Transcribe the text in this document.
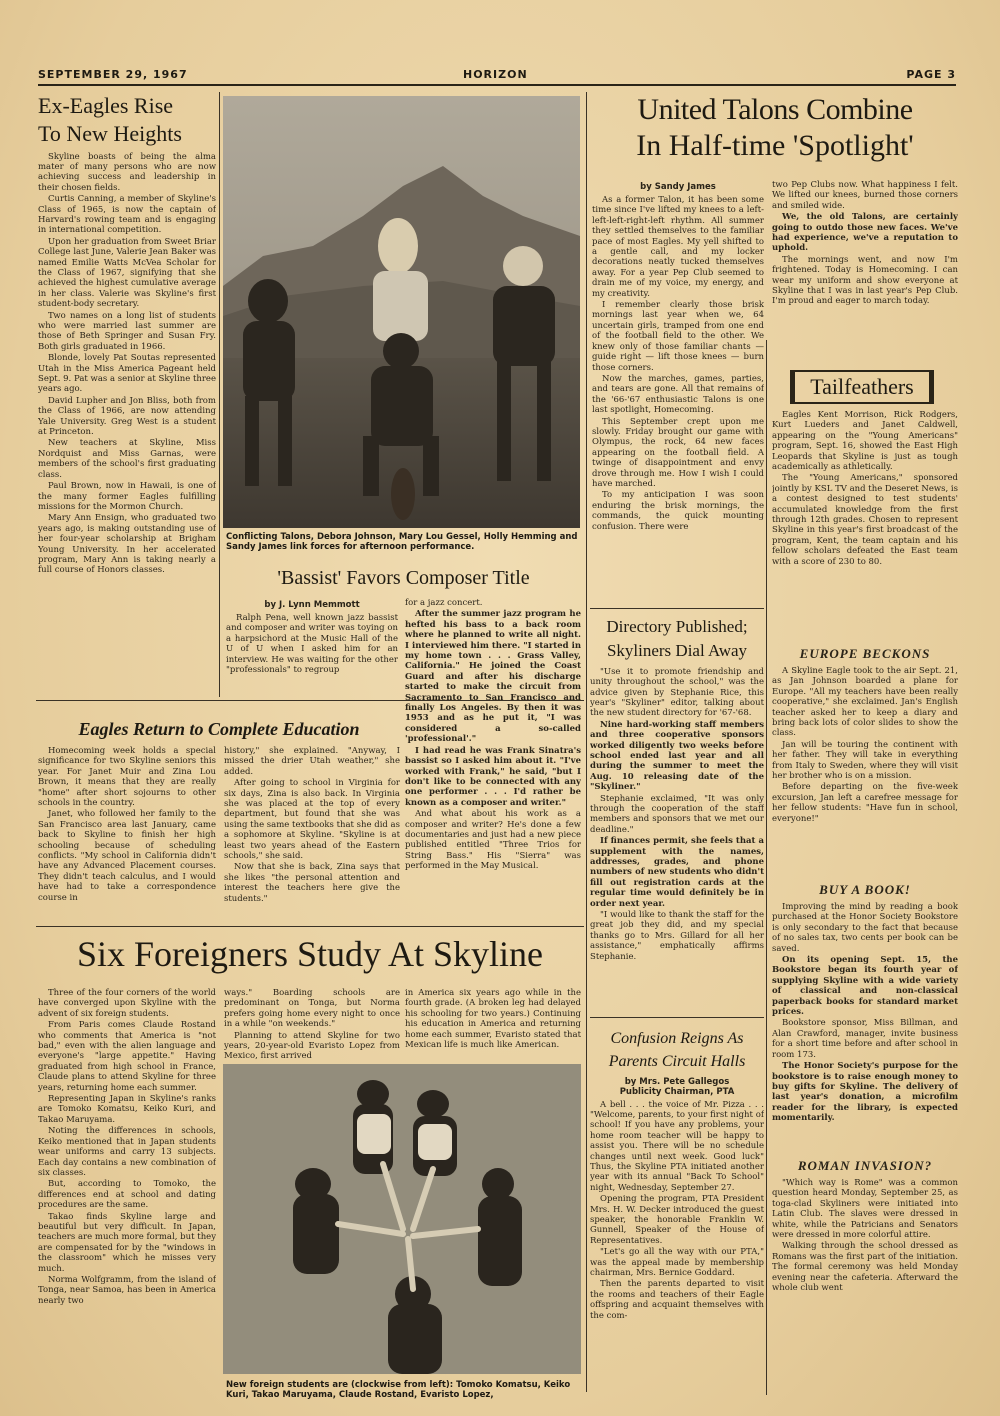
SEPTEMBER 29, 1967	HORIZON	PAGE 3
Ex-Eagles Rise
To New Heights

Skyline boasts of being the alma mater of many persons who are now achieving success and leadership in their chosen fields.

Curtis Canning, a member of Skyline's Class of 1965, is now the captain of Harvard's rowing team and is engaging in international competition.

Upon her graduation from Sweet Briar College last June, Valerie Jean Baker was named Emilie Watts McVea Scholar for the Class of 1967, signifying that she achieved the highest cumulative average in her class. Valerie was Skyline's first student-body secretary.

Two names on a long list of students who were married last summer are those of Beth Springer and Susan Fry. Both girls graduated in 1966.

Blonde, lovely Pat Soutas represented Utah in the Miss America Pageant held Sept. 9. Pat was a senior at Skyline three years ago.

David Lupher and Jon Bliss, both from the Class of 1966, are now attending Yale University. Greg West is a student at Princeton.

New teachers at Skyline, Miss Nordquist and Miss Garnas, were members of the school's first graduating class.

Paul Brown, now in Hawaii, is one of the many former Eagles fulfilling missions for the Mormon Church.

Mary Ann Ensign, who graduated two years ago, is making outstanding use of her four-year scholarship at Brigham Young University. In her accelerated program, Mary Ann is taking nearly a full course of Honors classes.

Conflicting Talons, Debora Johnson, Mary Lou Gessel, Holly Hemming and Sandy James link forces for afternoon performance.
'Bassist' Favors Composer Title
by J. Lynn Memmott

Ralph Pena, well known jazz bassist and composer and writer was toying on a harpsichord at the Music Hall of the U of U when I asked him for an interview. He was waiting for the other "professionals" to regroup

for a jazz concert.

After the summer jazz program he hefted his bass to a back room where he planned to write all night. I interviewed him there. "I started in my home town . . . Grass Valley, California." He joined the Coast Guard and after his discharge started to make the circuit from Sacramento to San Francisco and finally Los Angeles. By then it was 1953 and as he put it, "I was considered a so-called 'professional'."

I had read he was Frank Sinatra's bassist so I asked him about it. "I've worked with Frank," he said, "but I don't like to be connected with any one performer . . . I'd rather be known as a composer and writer."

And what about his work as a composer and writer? He's done a few documentaries and just had a new piece published entitled "Three Trios for String Bass." His "Sierra" was performed in the May Musical.

Eagles Return to Complete Education

Homecoming week holds a special significance for two Skyline seniors this year. For Janet Muir and Zina Lou Brown, it means that they are really "home" after short sojourns to other schools in the country.

Janet, who followed her family to the San Francisco area last January, came back to Skyline to finish her high schooling because of scheduling conflicts. "My school in California didn't have any Advanced Placement courses. They didn't teach calculus, and I would have had to take a correspondence course in

history," she explained. "Anyway, I missed the drier Utah weather," she added.

After going to school in Virginia for six days, Zina is also back. In Virginia she was placed at the top of every department, but found that she was using the same textbooks that she did as a sophomore at Skyline. "Skyline is at least two years ahead of the Eastern schools," she said.

Now that she is back, Zina says that she likes "the personal attention and interest the teachers here give the students."

Six Foreigners Study At Skyline

Three of the four corners of the world have converged upon Skyline with the advent of six foreign students.

From Paris comes Claude Rostand who comments that America is "not bad," even with the alien language and everyone's "large appetite." Having graduated from high school in France, Claude plans to attend Skyline for three years, returning home each summer.

Representing Japan in Skyline's ranks are Tomoko Komatsu, Keiko Kuri, and Takao Maruyama.

Noting the differences in schools, Keiko mentioned that in Japan students wear uniforms and carry 13 subjects. Each day contains a new combination of six classes.

But, according to Tomoko, the differences end at school and dating procedures are the same.

Takao finds Skyline large and beautiful but very difficult. In Japan, teachers are much more formal, but they are compensated for by the "windows in the classroom" which he misses very much.

Norma Wolfgramm, from the island of Tonga, near Samoa, has been in America nearly two

ways." Boarding schools are predominant on Tonga, but Norma prefers going home every night to once in a while "on weekends."

Planning to attend Skyline for two years, 20-year-old Evaristo Lopez from Mexico, first arrived

in America six years ago while in the fourth grade. (A broken leg had delayed his schooling for two years.) Continuing his education in America and returning home each summer, Evaristo stated that Mexican life is much like American.

New foreign students are (clockwise from left): Tomoko Komatsu, Keiko Kuri, Takao Maruyama, Claude Rostand, Evaristo Lopez,
United Talons Combine
In Half-time 'Spotlight'
by Sandy James

As a former Talon, it has been some time since I've lifted my knees to a left-left-left-right-left rhythm. All summer they settled themselves to the familiar pace of most Eagles. My yell shifted to a gentle call, and my locker decorations neatly tucked themselves away. For a year Pep Club seemed to drain me of my voice, my energy, and my creativity.

I remember clearly those brisk mornings last year when we, 64 uncertain girls, tramped from one end of the football field to the other. We knew only of those familiar chants — guide right — lift those knees — burn those corners.

Now the marches, games, parties, and tears are gone. All that remains of the '66-'67 enthusiastic Talons is one last spotlight, Homecoming.

This September crept upon me slowly. Friday brought our game with Olympus, the rock, 64 new faces appearing on the football field. A twinge of disappointment and envy drove through me. How I wish I could have marched.

To my anticipation I was soon enduring the brisk mornings, the commands, the quick mounting confusion. There were

two Pep Clubs now. What happiness I felt. We lifted our knees, burned those corners and smiled wide.

We, the old Talons, are certainly going to outdo those new faces. We've had experience, we've a reputation to uphold.

The mornings went, and now I'm frightened. Today is Homecoming. I can wear my uniform and show everyone at Skyline that I was in last year's Pep Club. I'm proud and eager to march today.

Tailfeathers

Eagles Kent Morrison, Rick Rodgers, Kurt Lueders and Janet Caldwell, appearing on the "Young Americans" program, Sept. 16, showed the East High Leopards that Skyline is just as tough academically as athletically.

The "Young Americans," sponsored jointly by KSL TV and the Deseret News, is a contest designed to test students' accumulated knowledge from the first through 12th grades. Chosen to represent Skyline in this year's first broadcast of the program, Kent, the team captain and his fellow scholars defeated the East team with a score of 230 to 80.

EUROPE BECKONS

A Skyline Eagle took to the air Sept. 21, as Jan Johnson boarded a plane for Europe. "All my teachers have been really cooperative," she exclaimed. Jan's English teacher asked her to keep a diary and bring back lots of color slides to show the class.

Jan will be touring the continent with her father. They will take in everything from Italy to Sweden, where they will visit her brother who is on a mission.

Before departing on the five-week excursion, Jan left a carefree message for her fellow students: "Have fun in school, everyone!"

BUY A BOOK!

Improving the mind by reading a book purchased at the Honor Society Bookstore is only secondary to the fact that because of no sales tax, two cents per book can be saved.

On its opening Sept. 15, the Bookstore began its fourth year of supplying Skyline with a wide variety of classical and non-classical paperback books for standard market prices.

Bookstore sponsor, Miss Billman, and Alan Crawford, manager, invite business for a short time before and after school in room 173.

The Honor Society's purpose for the bookstore is to raise enough money to buy gifts for Skyline. The delivery of last year's donation, a microfilm reader for the library, is expected momentarily.

ROMAN INVASION?

"Which way is Rome" was a common question heard Monday, September 25, as toga-clad Skyliners were initiated into Latin Club. The slaves were dressed in white, while the Patricians and Senators were dressed in more colorful attire.

Walking through the school dressed as Romans was the first part of the initiation. The formal ceremony was held Monday evening near the cafeteria. Afterward the whole club went

Directory Published;
Skyliners Dial Away

"Use it to promote friendship and unity throughout the school," was the advice given by Stephanie Rice, this year's "Skyliner" editor, talking about the new student directory for '67-'68.

Nine hard-working staff members and three cooperative sponsors worked diligently two weeks before school ended last year and all during the summer to meet the Aug. 10 releasing date of the "Skyliner."

Stephanie exclaimed, "It was only through the cooperation of the staff members and sponsors that we met our deadline."

If finances permit, she feels that a supplement with the names, addresses, grades, and phone numbers of new students who didn't fill out registration cards at the regular time would definitely be in order next year.

"I would like to thank the staff for the great job they did, and my special thanks go to Mrs. Gillard for all her assistance," emphatically affirms Stephanie.

Confusion Reigns As
Parents Circuit Halls
by Mrs. Pete Gallegos
Publicity Chairman, PTA

A bell . . . the voice of Mr. Pizza . . . "Welcome, parents, to your first night of school! If you have any problems, your home room teacher will be happy to assist you. There will be no schedule changes until next week. Good luck" Thus, the Skyline PTA initiated another year with its annual "Back To School" night, Wednesday, September 27.

Opening the program, PTA President Mrs. H. W. Decker introduced the guest speaker, the honorable Franklin W. Gunnell, Speaker of the House of Representatives.

"Let's go all the way with our PTA," was the appeal made by membership chairman, Mrs. Bernice Goddard.

Then the parents departed to visit the rooms and teachers of their Eagle offspring and acquaint themselves with the com-
